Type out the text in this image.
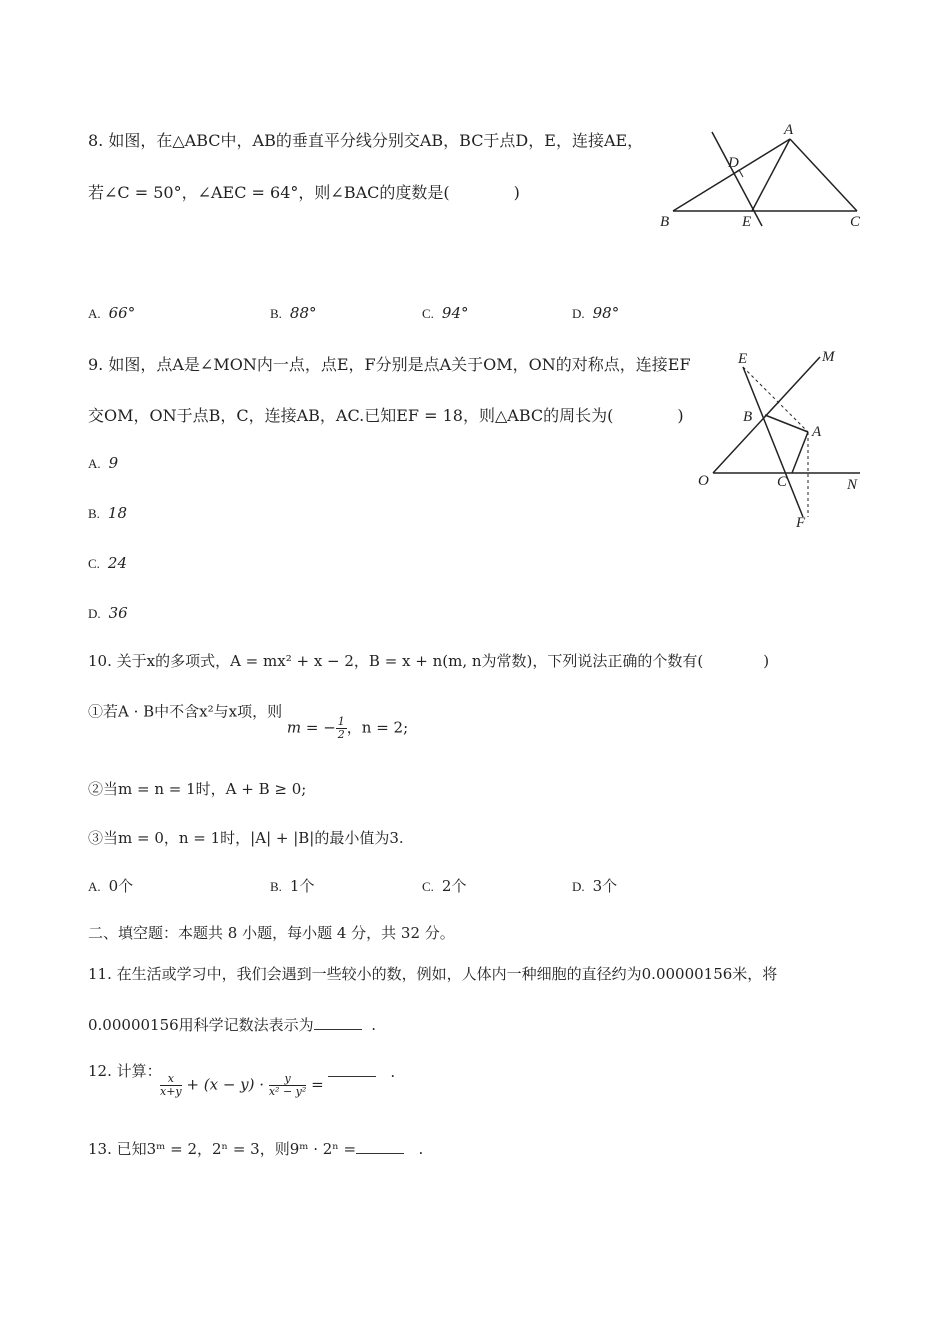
8. 如图，在△ABC中，AB的垂直平分线分别交AB，BC于点D，E，连接AE，
若∠C = 50°，∠AEC = 64°，则∠BAC的度数是(　　　　)
A
D
B	E	C
A. 66°	B. 88°	C. 94°	D. 98°
9. 如图，点A是∠MON内一点，点E，F分别是点A关于OM，ON的对称点，连接EF
交OM，ON于点B，C，连接AB，AC.已知EF = 18，则△ABC的周长为(　　　　)
E	M
B
A
O	C	N
F
A. 9
B. 18
C. 24
D. 36
10. 关于x的多项式，A = mx² + x − 2，B = x + n(m, n为常数)，下列说法正确的个数有(　　　　)
①若A · B中不含x²与x项，则 m = − $\frac{1}{2}$ ，n = 2;
②当m = n = 1时，A + B ≥ 0;
③当m = 0，n = 1时，|A| + |B|的最小值为3.
A. 0个	B. 1个	C. 2个	D. 3个
二、填空题：本题共 8 小题，每小题 4 分，共 32 分。
11. 在生活或学习中，我们会遇到一些较小的数，例如，人体内一种细胞的直径约为0.00000156米，将
0.00000156用科学记数法表示为	.
12. 计算：
$\frac{x}{x+y} + (x - y) \cdot \frac{y}{\text{x² − y²}}$ =
.
13. 已知3ᵐ = 2，2ⁿ = 3，则9ᵐ · 2ⁿ =	.
